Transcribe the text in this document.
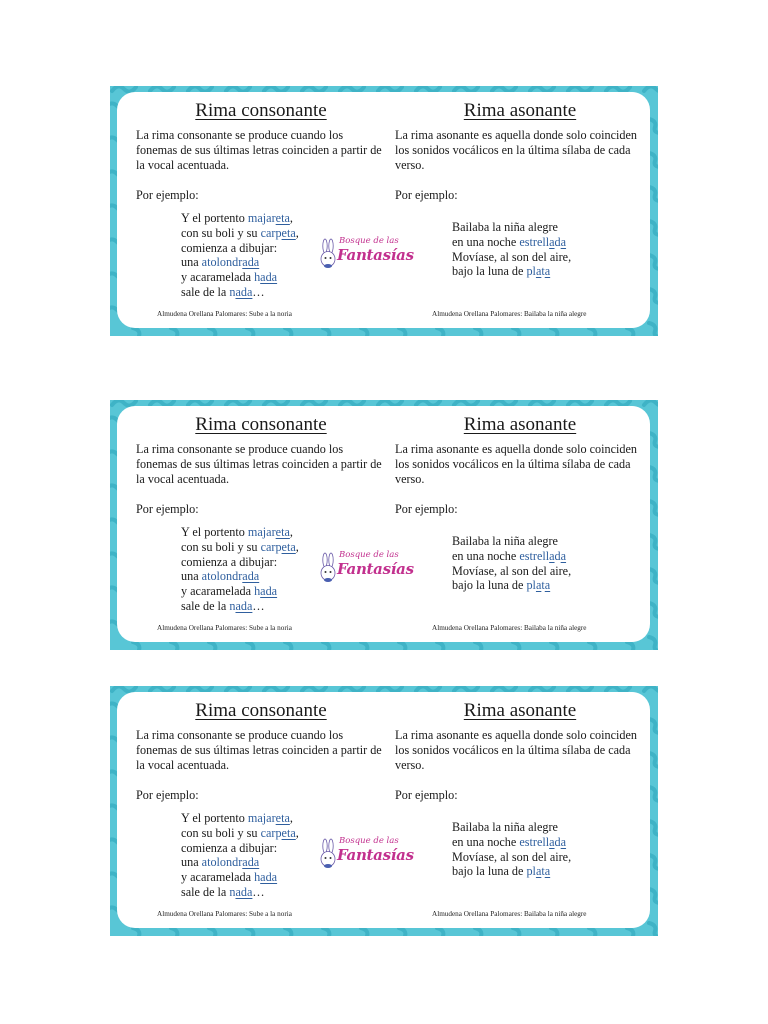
Rima consonante
La rima consonante se produce cuando los fonemas de sus últimas letras coinciden a partir de la vocal acentuada.
Por ejemplo:
Y el portento majareta,
con su boli y su carpeta,
comienza a dibujar:
una atolondrada
y acaramelada hada
sale de la nada…
Rima asonante
La rima asonante es aquella donde solo coinciden los sonidos vocálicos en la última sílaba de cada verso.
Por ejemplo:
Bailaba la niña alegre
en una noche estrellada
Movíase, al son del aire,
bajo la luna de plata
Bosque de las
Fantasías
Almudena Orellana Palomares: Sube a la noria	Almudena Orellana Palomares: Bailaba la niña alegre
Rima consonante
La rima consonante se produce cuando los fonemas de sus últimas letras coinciden a partir de la vocal acentuada.
Por ejemplo:
Y el portento majareta,
con su boli y su carpeta,
comienza a dibujar:
una atolondrada
y acaramelada hada
sale de la nada…
Rima asonante
La rima asonante es aquella donde solo coinciden los sonidos vocálicos en la última sílaba de cada verso.
Por ejemplo:
Bailaba la niña alegre
en una noche estrellada
Movíase, al son del aire,
bajo la luna de plata
Bosque de las
Fantasías
Almudena Orellana Palomares: Sube a la noria	Almudena Orellana Palomares: Bailaba la niña alegre
Rima consonante
La rima consonante se produce cuando los fonemas de sus últimas letras coinciden a partir de la vocal acentuada.
Por ejemplo:
Y el portento majareta,
con su boli y su carpeta,
comienza a dibujar:
una atolondrada
y acaramelada hada
sale de la nada…
Rima asonante
La rima asonante es aquella donde solo coinciden los sonidos vocálicos en la última sílaba de cada verso.
Por ejemplo:
Bailaba la niña alegre
en una noche estrellada
Movíase, al son del aire,
bajo la luna de plata
Bosque de las
Fantasías
Almudena Orellana Palomares: Sube a la noria	Almudena Orellana Palomares: Bailaba la niña alegre
